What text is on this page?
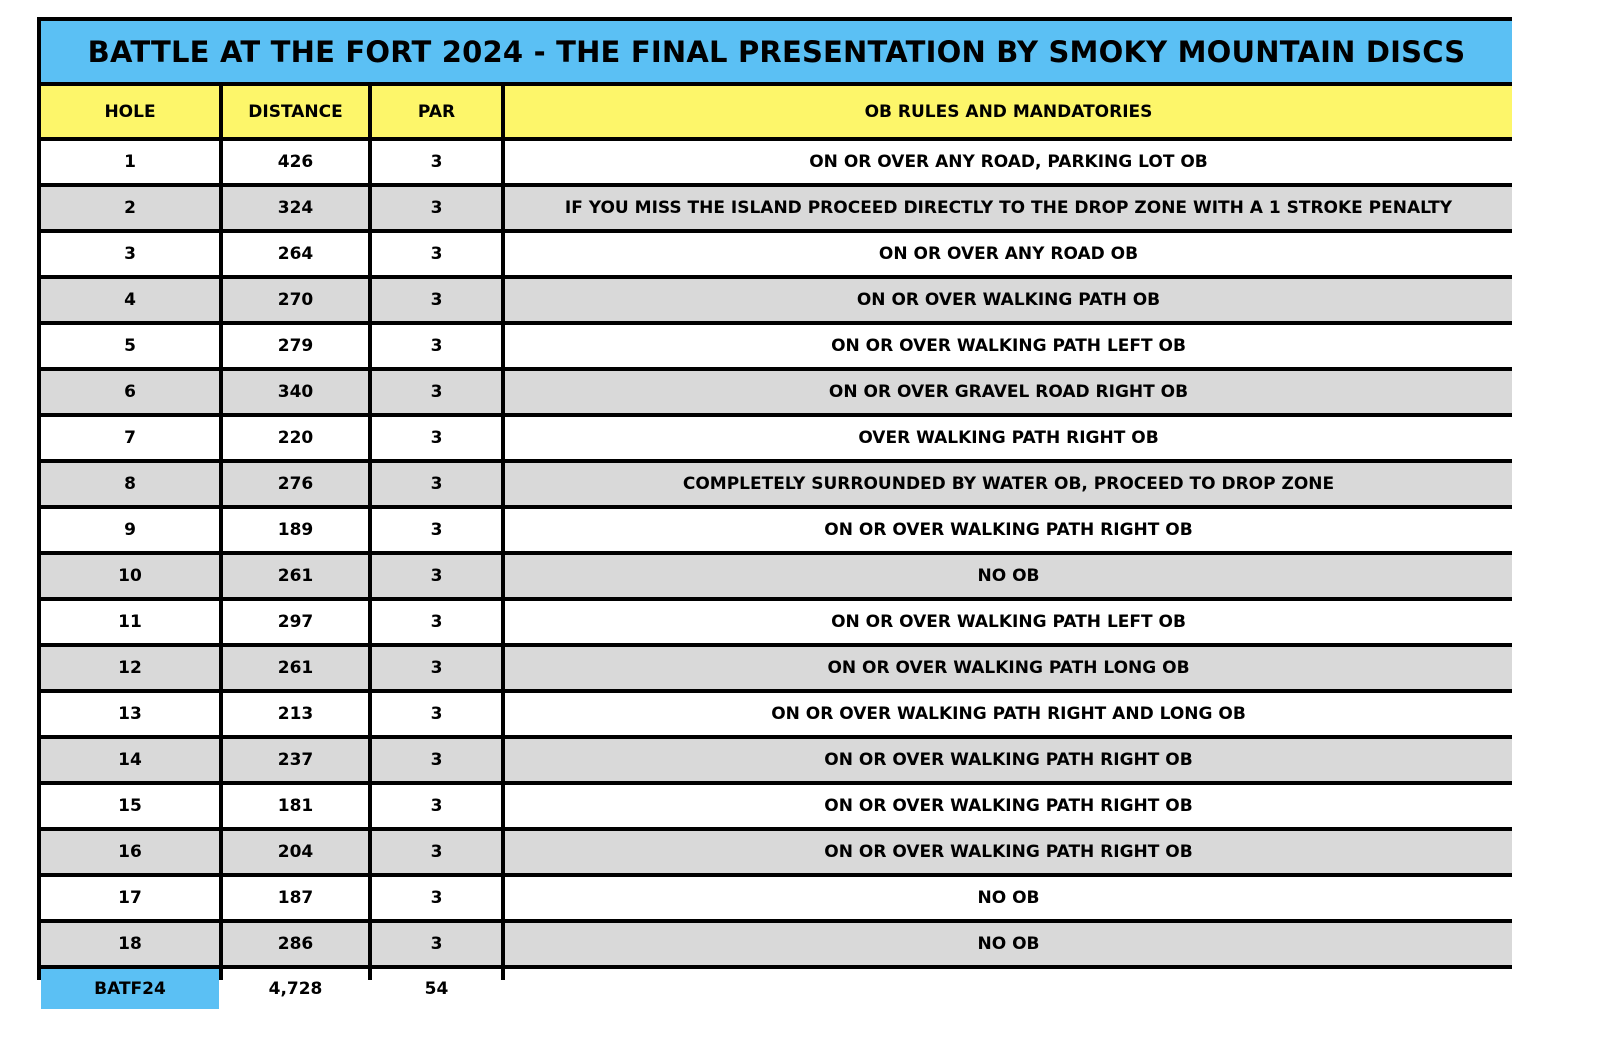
BATTLE AT THE FORT 2024 - THE FINAL PRESENTATION BY SMOKY MOUNTAIN DISCS
HOLE	DISTANCE	PAR	OB RULES AND MANDATORIES
1	426	3	ON OR OVER ANY ROAD, PARKING LOT OB
2	324	3	IF YOU MISS THE ISLAND PROCEED DIRECTLY TO THE DROP ZONE WITH A 1 STROKE PENALTY
3	264	3	ON OR OVER ANY ROAD OB
4	270	3	ON OR OVER WALKING PATH OB
5	279	3	ON OR OVER WALKING PATH LEFT OB
6	340	3	ON OR OVER GRAVEL ROAD RIGHT OB
7	220	3	OVER WALKING PATH RIGHT OB
8	276	3	COMPLETELY SURROUNDED BY WATER OB, PROCEED TO DROP ZONE
9	189	3	ON OR OVER WALKING PATH RIGHT OB
10	261	3	NO OB
11	297	3	ON OR OVER WALKING PATH LEFT OB
12	261	3	ON OR OVER WALKING PATH LONG OB
13	213	3	ON OR OVER WALKING PATH RIGHT AND LONG OB
14	237	3	ON OR OVER WALKING PATH RIGHT OB
15	181	3	ON OR OVER WALKING PATH RIGHT OB
16	204	3	ON OR OVER WALKING PATH RIGHT OB
17	187	3	NO OB
18	286	3	NO OB
BATF24	4,728	54
